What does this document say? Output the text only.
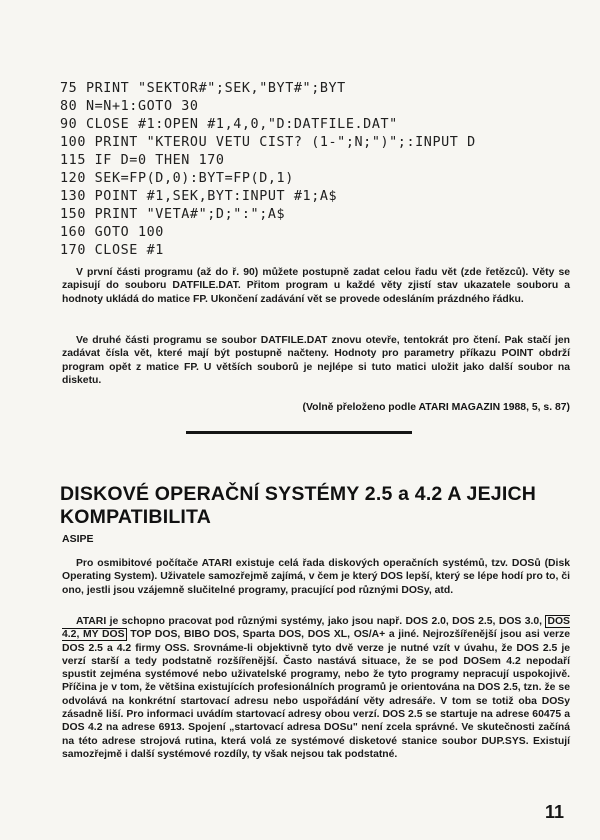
75 PRINT "SEKTOR#";SEK,"BYT#";BYT
80 N=N+1:GOTO 30
90 CLOSE #1:OPEN #1,4,0,"D:DATFILE.DAT"
100 PRINT "KTEROU VETU CIST? (1-";N;")";:INPUT D
115 IF D=0 THEN 170
120 SEK=FP(D,0):BYT=FP(D,1)
130 POINT #1,SEK,BYT:INPUT #1;A$
150 PRINT "VETA#";D;":";A$
160 GOTO 100
170 CLOSE #1

V první části programu (až do ř. 90) můžete postupně zadat celou řadu vět (zde řetězců). Věty se zapisují do souboru DATFILE.DAT. Přitom program u každé věty zjistí stav ukazatele souboru a hodnoty ukládá do matice FP. Ukončení zadávání vět se provede odesláním prázdného řádku.

Ve druhé části programu se soubor DATFILE.DAT znovu otevře, tentokrát pro čtení. Pak stačí jen zadávat čísla vět, které mají být postupně načteny. Hodnoty pro parametry příkazu POINT obdrží program opět z matice FP. U větších souborů je nejlépe si tuto matici uložit jako další soubor na disketu.

(Volně přeloženo podle ATARI MAGAZIN 1988, 5, s. 87)
DISKOVÉ OPERAČNÍ SYSTÉMY 2.5 a 4.2 A JEJICH KOMPATIBILITA
ASIPE

Pro osmibitové počítače ATARI existuje celá řada diskových operačních systémů, tzv. DOSů (Disk Operating System). Uživatele samozřejmě zajímá, v čem je který DOS lepší, který se lépe hodí pro to, či ono, jestli jsou vzájemně slučitelné programy, pracující pod různými DOSy, atd.

ATARI je schopno pracovat pod různými systémy, jako jsou např. DOS 2.0, DOS 2.5, DOS 3.0, DOS 4.2, MY DOS TOP DOS, BIBO DOS, Sparta DOS, DOS XL, OS/A+ a jiné. Nejrozšířenější jsou asi verze DOS 2.5 a 4.2 firmy OSS. Srovnáme-li objektivně tyto dvě verze je nutné vzít v úvahu, že DOS 2.5 je verzí starší a tedy podstatně rozšířenější. Často nastává situace, že se pod DOSem 4.2 nepodaří spustit zejména systémové nebo uživatelské programy, nebo že tyto programy nepracují uspokojivě. Příčina je v tom, že většina existujících profesionálních programů je orientována na DOS 2.5, tzn. že se odvolává na konkrétní startovací adresu nebo uspořádání věty adresáře. V tom se totiž oba DOSy zásadně liší. Pro informaci uvádím startovací adresy obou verzí. DOS 2.5 se startuje na adrese 60475 a DOS 4.2 na adrese 6913. Spojení „startovací adresa DOSu" není zcela správné. Ve skutečnosti začíná na této adrese strojová rutina, která volá ze systémové disketové stanice soubor DUP.SYS. Existují samozřejmě i další systémové rozdíly, ty však nejsou tak podstatné.

11
